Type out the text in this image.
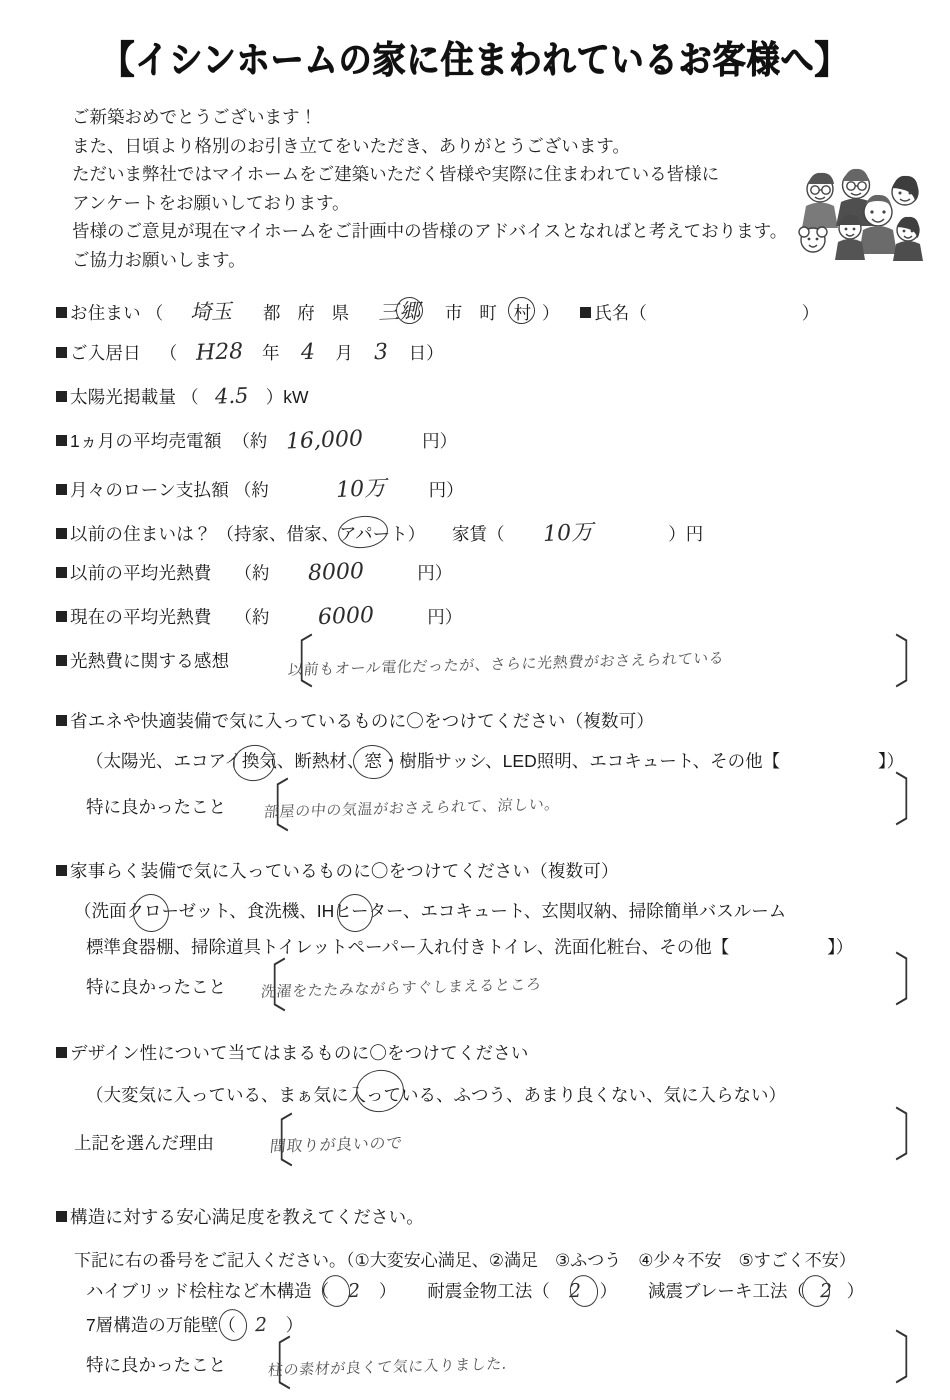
【イシンホームの家に住まわれているお客様へ】
ご新築おめでとうございます！
また、日頃より格別のお引き立てをいただき、ありがとうございます。
ただいま弊社ではマイホームをご建築いただく皆様や実際に住まわれている皆様に
アンケートをお願いしております。
皆様のご意見が現在マイホームをご計画中の皆様のアドバイスとなればと考えております。
ご協力お願いします。
お住まい （ 埼玉 都 府 県 三郷 市 町 村 ） 氏名（	）
ご入居日 （ H28 年 4 月 3 日）
太陽光掲載量 （ 4.5 ）kW
1ヵ月の平均売電額 （約 16,000	円）
月々のローン支払額 （約	10万 円）
以前の住まいは？ （持家、借家、アパート） 家賃（ 10万	）円
以前の平均光熱費 （約 8000	円）
現在の平均光熱費 （約 6000	円）
光熱費に関する感想 〔
以前もオール電化だったが、さらに光熱費がおさえられている	〕
省エネや快適装備で気に入っているものに〇をつけてください（複数可）
（太陽光、エコアイ換気、断熱材、窓・樹脂サッシ、LED照明、エコキュート、その他【	】）
特に良かったこと 〔
部屋の中の気温がおさえられて、涼しい。	〕
家事らく装備で気に入っているものに〇をつけてください（複数可）
（洗面クローゼット、食洗機、IHヒーター、エコキュート、玄関収納、掃除簡単バスルーム
標準食器棚、掃除道具トイレットペーパー入れ付きトイレ、洗面化粧台、その他【	】）
特に良かったこと 〔
洗濯をたたみながらすぐしまえるところ	〕
デザイン性について当てはまるものに〇をつけてください
（大変気に入っている、まぁ気に入っている、ふつう、あまり良くない、気に入らない）
上記を選んだ理由 〔
間取りが良いので	〕
構造に対する安心満足度を教えてください。
下記に右の番号をご記入ください。（①大変安心満足、②満足　③ふつう　④少々不安　⑤すごく不安）
ハイブリッド桧柱など木構造（ 2 ） 耐震金物工法（ 2 ） 減震ブレーキ工法（ 2 ）
7層構造の万能壁（ 2 ）
特に良かったこと 〔
柱の素材が良くて気に入りました.	〕
